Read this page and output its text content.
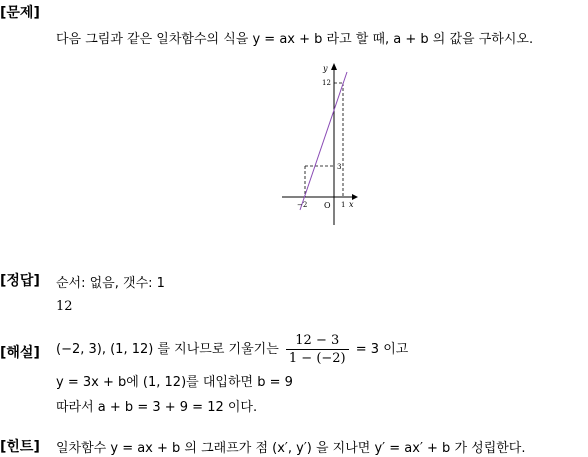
[문제]
다음 그림과 같은 일차함수의 식을 y = ax + b 라고 할 때, a + b 의 값을 구하시오.
y
x
O
−2	1
3
12
[정답] 순서: 없음, 갯수: 1
12
[해설] (−2, 3), (1, 12) 를 지나므로 기울기는 $\frac{12 - 3}{1 - (-2)} = 3$ 이고
y = 3x + b에 (1, 12)를 대입하면 b = 9
따라서 a + b = 3 + 9 = 12 이다.
[힌트] 일차함수 y = ax + b 의 그래프가 점 (x′, y′) 을 지나면 y′ = ax′ + b 가 성립한다.
